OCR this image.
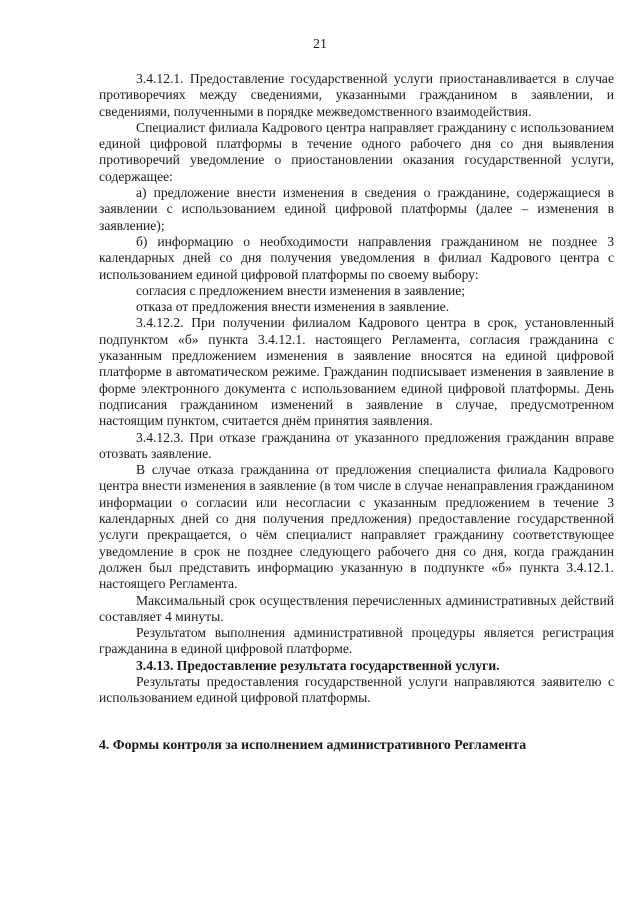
21

3.4.12.1. Предоставление государственной услуги приостанавливается в случае противоречиях между сведениями, указанными гражданином в заявлении, и сведениями, полученными в порядке межведомственного взаимодействия.

Специалист филиала Кадрового центра направляет гражданину с использованием единой цифровой платформы в течение одного рабочего дня со дня выявления противоречий уведомление о приостановлении оказания государственной услуги, содержащее:

а) предложение внести изменения в сведения о гражданине, содержащиеся в заявлении с использованием единой цифровой платформы (далее – изменения в заявление);

б) информацию о необходимости направления гражданином не позднее 3 календарных дней со дня получения уведомления в филиал Кадрового центра с использованием единой цифровой платформы по своему выбору:

согласия с предложением внести изменения в заявление;

отказа от предложения внести изменения в заявление.

3.4.12.2. При получении филиалом Кадрового центра в срок, установленный подпунктом «б» пункта 3.4.12.1. настоящего Регламента, согласия гражданина с указанным предложением изменения в заявление вносятся на единой цифровой платформе в автоматическом режиме. Гражданин подписывает изменения в заявление в форме электронного документа с использованием единой цифровой платформы. День подписания гражданином изменений в заявление в случае, предусмотренном настоящим пунктом, считается днём принятия заявления.

3.4.12.3. При отказе гражданина от указанного предложения гражданин вправе отозвать заявление.

В случае отказа гражданина от предложения специалиста филиала Кадрового центра внести изменения в заявление (в том числе в случае ненаправления гражданином информации о согласии или несогласии с указанным предложением в течение 3 календарных дней со дня получения предложения) предоставление государственной услуги прекращается, о чём специалист направляет гражданину соответствующее уведомление в срок не позднее следующего рабочего дня со дня, когда гражданин должен был представить информацию указанную в подпункте «б» пункта 3.4.12.1. настоящего Регламента.

Максимальный срок осуществления перечисленных административных действий составляет 4 минуты.

Результатом выполнения административной процедуры является регистрация гражданина в единой цифровой платформе.

3.4.13. Предоставление результата государственной услуги.

Результаты предоставления государственной услуги направляются заявителю с использованием единой цифровой платформы.

4. Формы контроля за исполнением административного Регламента
